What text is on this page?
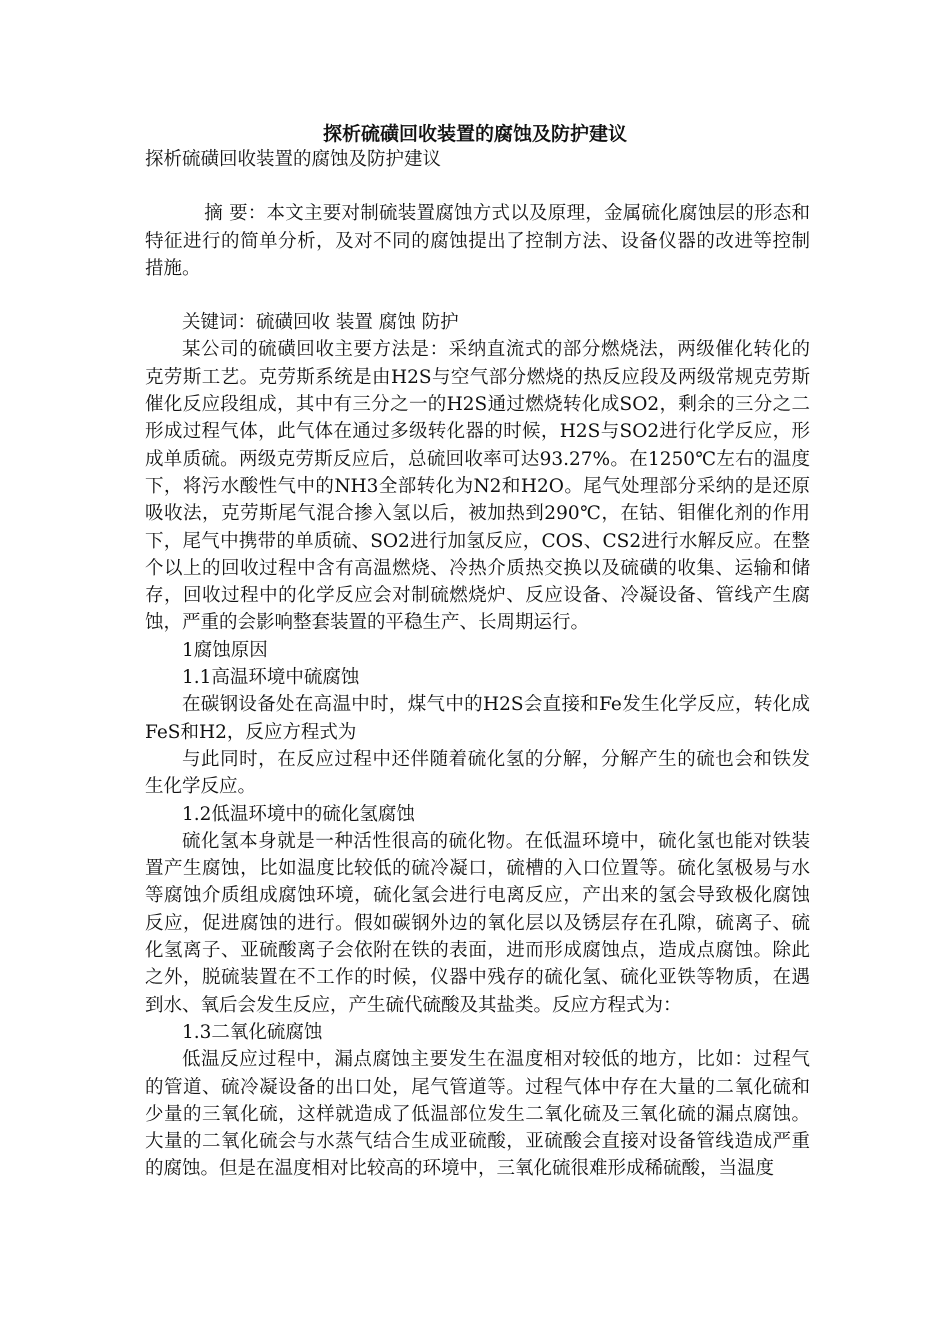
探析硫磺回收装置的腐蚀及防护建议

探析硫磺回收装置的腐蚀及防护建议

摘 要：本文主要对制硫装置腐蚀方式以及原理，金属硫化腐蚀层的形态和特征进行的简单分析，及对不同的腐蚀提出了控制方法、设备仪器的改进等控制措施。

关键词：硫磺回收 装置 腐蚀 防护

某公司的硫磺回收主要方法是：采纳直流式的部分燃烧法，两级催化转化的克劳斯工艺。克劳斯系统是由H2S与空气部分燃烧的热反应段及两级常规克劳斯催化反应段组成，其中有三分之一的H2S通过燃烧转化成SO2，剩余的三分之二形成过程气体，此气体在通过多级转化器的时候，H2S与SO2进行化学反应，形成单质硫。两级克劳斯反应后，总硫回收率可达93.27%。在1250℃左右的温度下，将污水酸性气中的NH3全部转化为N2和H2O。尾气处理部分采纳的是还原吸收法，克劳斯尾气混合掺入氢以后，被加热到290℃，在钴、钼催化剂的作用下，尾气中携带的单质硫、SO2进行加氢反应，COS、CS2进行水解反应。在整个以上的回收过程中含有高温燃烧、冷热介质热交换以及硫磺的收集、运输和储存，回收过程中的化学反应会对制硫燃烧炉、反应设备、冷凝设备、管线产生腐蚀，严重的会影响整套装置的平稳生产、长周期运行。

1腐蚀原因

1.1高温环境中硫腐蚀

在碳钢设备处在高温中时，煤气中的H2S会直接和Fe发生化学反应，转化成FeS和H2，反应方程式为

与此同时，在反应过程中还伴随着硫化氢的分解，分解产生的硫也会和铁发生化学反应。

1.2低温环境中的硫化氢腐蚀

硫化氢本身就是一种活性很高的硫化物。在低温环境中，硫化氢也能对铁装置产生腐蚀，比如温度比较低的硫冷凝口，硫槽的入口位置等。硫化氢极易与水等腐蚀介质组成腐蚀环境，硫化氢会进行电离反应，产出来的氢会导致极化腐蚀反应，促进腐蚀的进行。假如碳钢外边的氧化层以及锈层存在孔隙，硫离子、硫化氢离子、亚硫酸离子会依附在铁的表面，进而形成腐蚀点，造成点腐蚀。除此之外，脱硫装置在不工作的时候，仪器中残存的硫化氢、硫化亚铁等物质，在遇到水、氧后会发生反应，产生硫代硫酸及其盐类。反应方程式为：

1.3二氧化硫腐蚀

低温反应过程中，漏点腐蚀主要发生在温度相对较低的地方，比如：过程气的管道、硫冷凝设备的出口处，尾气管道等。过程气体中存在大量的二氧化硫和少量的三氧化硫，这样就造成了低温部位发生二氧化硫及三氧化硫的漏点腐蚀。大量的二氧化硫会与水蒸气结合生成亚硫酸，亚硫酸会直接对设备管线造成严重的腐蚀。但是在温度相对比较高的环境中，三氧化硫很难形成稀硫酸，当温度
